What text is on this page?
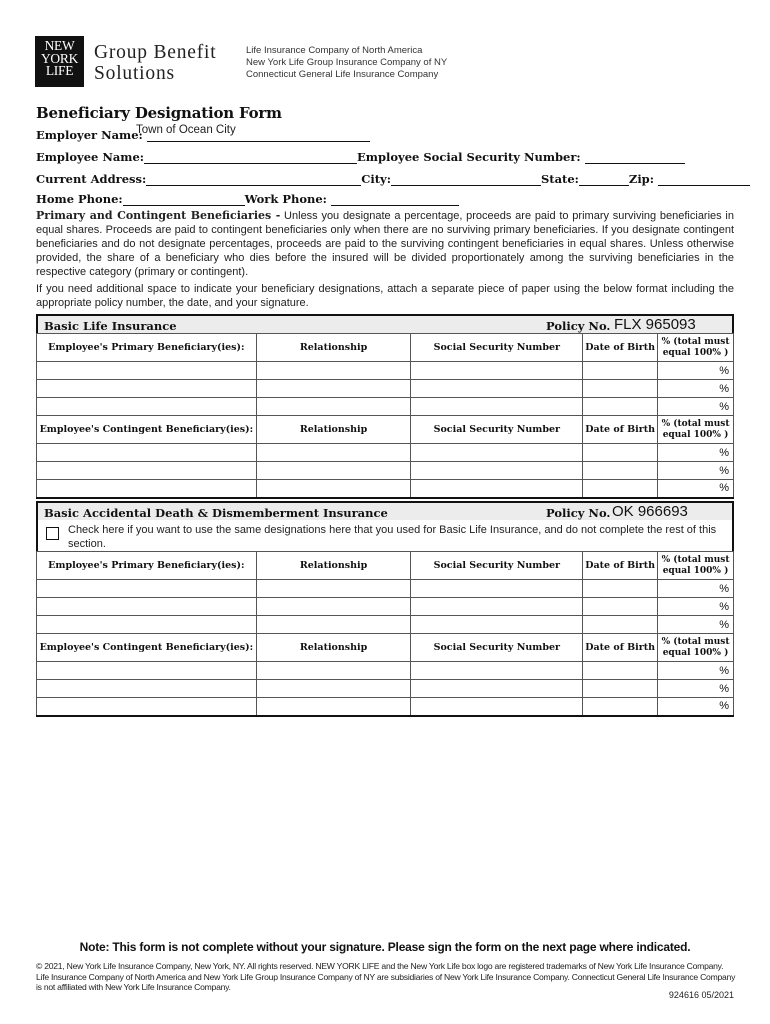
NEW
YORK
LIFE
Group Benefit
Solutions
Life Insurance Company of North America
New York Life Group Insurance Company of NY
Connecticut General Life Insurance Company
Beneficiary Designation Form
Employer Name:
Town of Ocean City
Employee Name:	Employee Social Security Number:
Current Address:	City:	State:	Zip:
Home Phone:	Work Phone:
Primary and Contingent Beneficiaries - Unless you designate a percentage, proceeds are paid to primary surviving beneficiaries in equal shares. Proceeds are paid to contingent beneficiaries only when there are no surviving primary beneficiaries. If you designate contingent beneficiaries and do not designate percentages, proceeds are paid to the surviving contingent beneficiaries in equal shares. Unless otherwise provided, the share of a beneficiary who dies before the insured will be divided proportionately among the surviving beneficiaries in the respective category (primary or contingent).
If you need additional space to indicate your beneficiary designations, attach a separate piece of paper using the below format including the appropriate policy number, the date, and your signature.
Basic Life Insurance	Policy No. FLX 965093
Employee's Primary Beneficiary(ies):	Relationship	Social Security Number	Date of Birth	% (total must equal 100% )
				%
				%
				%
Employee's Contingent Beneficiary(ies):	Relationship	Social Security Number	Date of Birth	% (total must equal 100% )
				%
				%
				%
Basic Accidental Death & Dismemberment Insurance	Policy No. OK 966693
Check here if you want to use the same designations here that you used for Basic Life Insurance, and do not complete the rest of this section.
Employee's Primary Beneficiary(ies):	Relationship	Social Security Number	Date of Birth	% (total must equal 100% )
				%
				%
				%
Employee's Contingent Beneficiary(ies):	Relationship	Social Security Number	Date of Birth	% (total must equal 100% )
				%
				%
				%
Note: This form is not complete without your signature. Please sign the form on the next page where indicated.
© 2021, New York Life Insurance Company, New York, NY. All rights reserved. NEW YORK LIFE and the New York Life box logo are registered trademarks of New York Life Insurance Company. Life Insurance Company of North America and New York Life Group Insurance Company of NY are subsidiaries of New York Life Insurance Company. Connecticut General Life Insurance Company is not affiliated with New York Life Insurance Company.
924616 05/2021
